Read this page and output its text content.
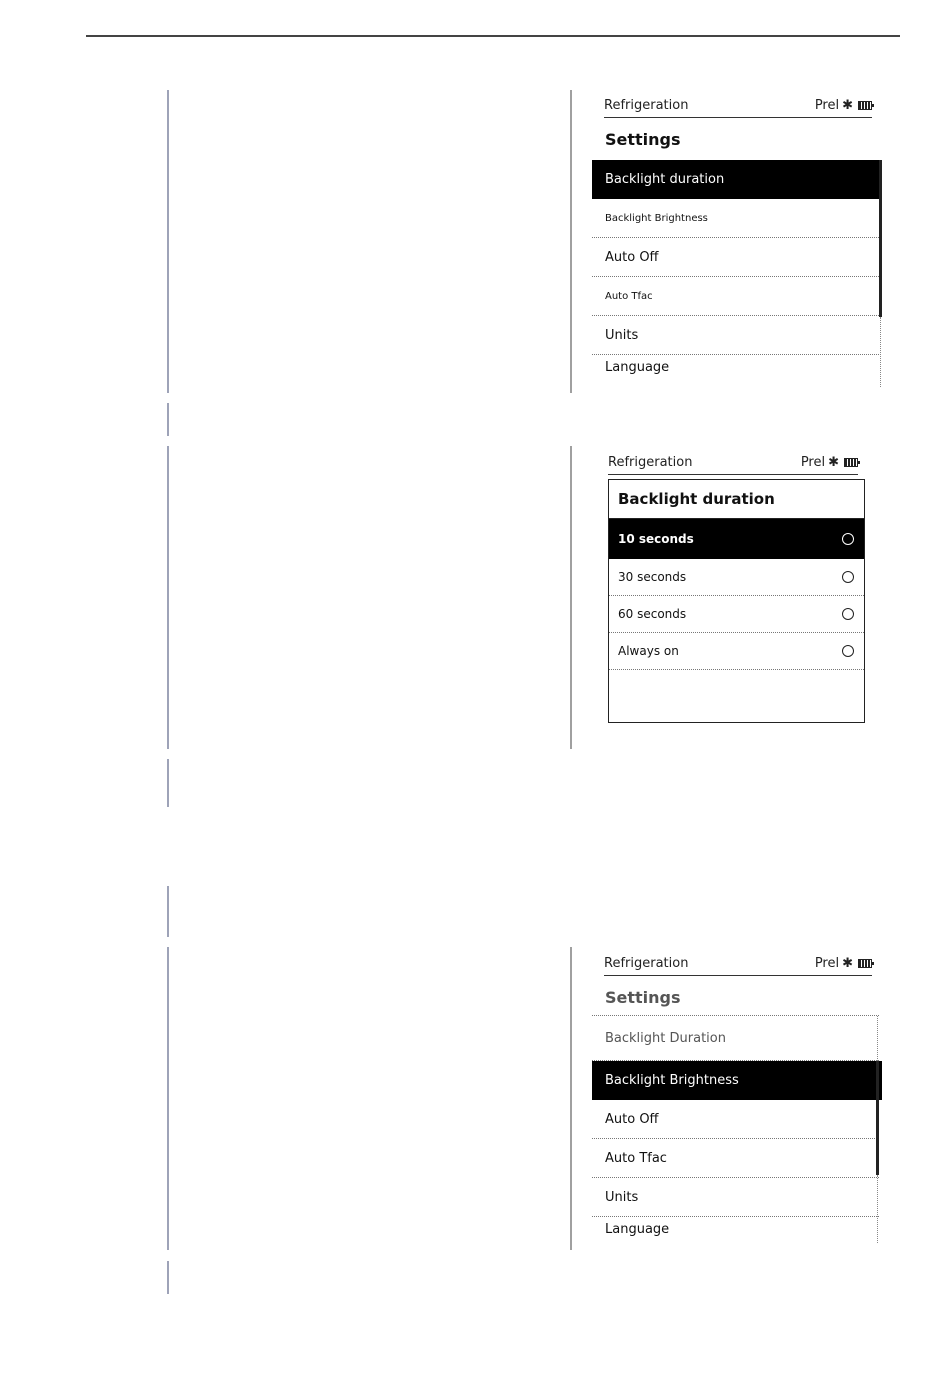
Refrigeration	Prel ✱
Settings
Backlight duration
Backlight Brightness
Auto Off
Auto Tfac
Units
Language
Refrigeration	Prel ✱
Backlight duration
10 seconds
30 seconds
60 seconds
Always on
Refrigeration	Prel ✱
Settings
Backlight Duration
Backlight Brightness
Auto Off
Auto Tfac
Units
Language
